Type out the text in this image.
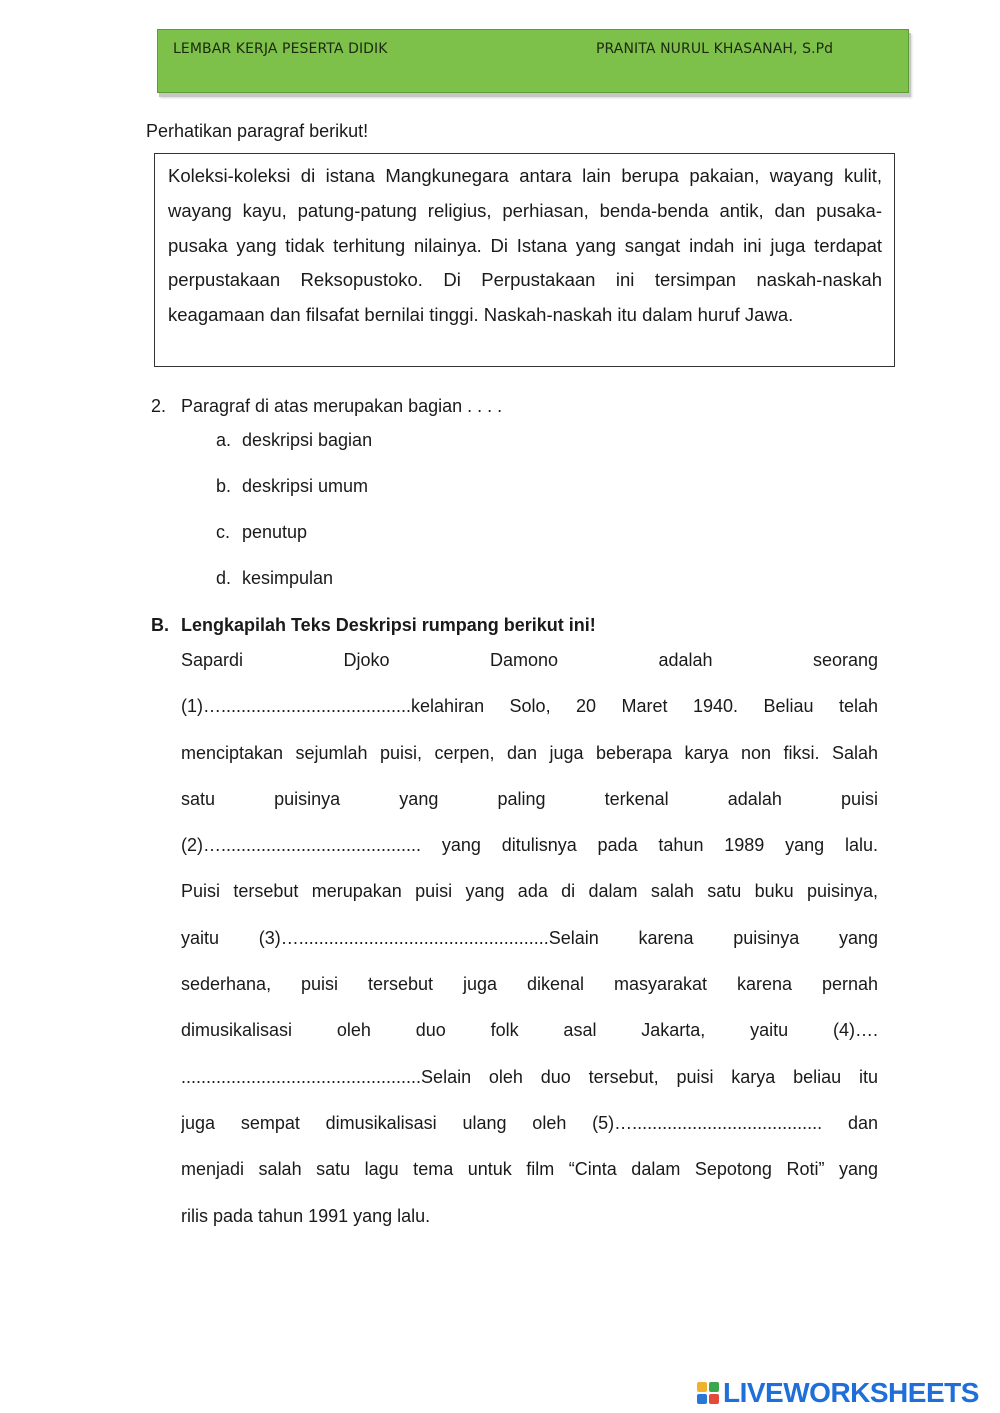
LEMBAR KERJA PESERTA DIDIK	PRANITA NURUL KHASANAH, S.Pd
Perhatikan paragraf berikut!

Koleksi-koleksi di istana Mangkunegara antara lain berupa pakaian, wayang kulit, wayang kayu, patung-patung religius, perhiasan, benda-benda antik, dan pusaka-pusaka yang tidak terhitung nilainya. Di Istana yang sangat indah ini juga terdapat perpustakaan Reksopustoko. Di Perpustakaan ini tersimpan naskah-naskah keagamaan dan filsafat bernilai tinggi. Naskah-naskah itu dalam huruf Jawa.

2. Paragraf di atas merupakan bagian . . . .
a. deskripsi bagian
b. deskripsi umum
c. penutup
d. kesimpulan
B. Lengkapilah Teks Deskripsi rumpang berikut ini!
Sapardi Djoko Damono adalah seorang
(1)…......................................kelahiran Solo, 20 Maret 1940. Beliau telah
menciptakan sejumlah puisi, cerpen, dan juga beberapa karya non fiksi. Salah
satu puisinya yang paling terkenal adalah puisi
(2)…........................................ yang ditulisnya pada tahun 1989 yang lalu.
Puisi tersebut merupakan puisi yang ada di dalam salah satu buku puisinya,
yaitu (3)…..................................................Selain karena puisinya yang
sederhana, puisi tersebut juga dikenal masyarakat karena pernah
dimusikalisasi oleh duo folk asal Jakarta, yaitu (4)….
................................................Selain oleh duo tersebut, puisi karya beliau itu
juga sempat dimusikalisasi ulang oleh (5)…...................................... dan
menjadi salah satu lagu tema untuk film “Cinta dalam Sepotong Roti” yang
rilis pada tahun 1991 yang lalu.
LIVEWORKSHEETS
